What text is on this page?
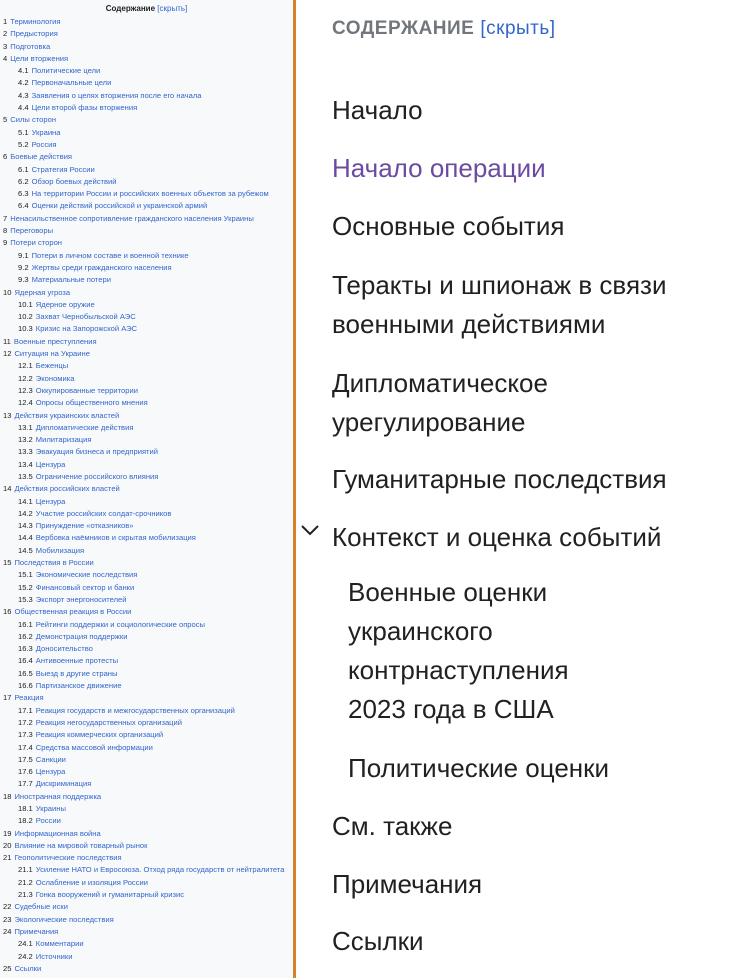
Содержание [скрыть]
1 Терминология
2 Предыстория
3 Подготовка
4 Цели вторжения
4.1 Политические цели
4.2 Первоначальные цели
4.3 Заявления о целях вторжения после его начала
4.4 Цели второй фазы вторжения
5 Силы сторон
5.1 Украина
5.2 Россия
6 Боевые действия
6.1 Стратегия России
6.2 Обзор боевых действий
6.3 На территории России и российских военных объектов за рубежом
6.4 Оценки действий российской и украинской армий
7 Ненасильственное сопротивление гражданского населения Украины
8 Переговоры
9 Потери сторон
9.1 Потери в личном составе и военной технике
9.2 Жертвы среди гражданского населения
9.3 Материальные потери
10 Ядерная угроза
10.1 Ядерное оружие
10.2 Захват Чернобыльской АЭС
10.3 Кризис на Запорожской АЭС
11 Военные преступления
12 Ситуация на Украине
12.1 Беженцы
12.2 Экономика
12.3 Оккупированные территории
12.4 Опросы общественного мнения
13 Действия украинских властей
13.1 Дипломатические действия
13.2 Милитаризация
13.3 Эвакуация бизнеса и предприятий
13.4 Цензура
13.5 Ограничение российского влияния
14 Действия российских властей
14.1 Цензура
14.2 Участие российских солдат-срочников
14.3 Принуждение «отказников»
14.4 Вербовка наёмников и скрытая мобилизация
14.5 Мобилизация
15 Последствия в России
15.1 Экономические последствия
15.2 Финансовый сектор и банки
15.3 Экспорт энергоносителей
16 Общественная реакция в России
16.1 Рейтинги поддержки и социологические опросы
16.2 Демонстрация поддержки
16.3 Доносительство
16.4 Антивоенные протесты
16.5 Выезд в другие страны
16.6 Партизанское движение
17 Реакция
17.1 Реакция государств и межгосударственных организаций
17.2 Реакция негосударственных организаций
17.3 Реакция коммерческих организаций
17.4 Средства массовой информации
17.5 Санкции
17.6 Цензура
17.7 Дискриминация
18 Иностранная поддержка
18.1 Украины
18.2 России
19 Информационная война
20 Влияние на мировой товарный рынок
21 Геополитические последствия
21.1 Усиление НАТО и Евросоюза. Отход ряда государств от нейтралитета
21.2 Ослабление и изоляция России
21.3 Гонка вооружений и гуманитарный кризис
22 Судебные иски
23 Экологические последствия
24 Примечания
24.1 Комментарии
24.2 Источники
25 Ссылки
СОДЕРЖАНИЕ [скрыть]
Начало
Начало операции
Основные события
Теракты и шпионаж в связи
военными действиями
Дипломатическое
урегулирование
Гуманитарные последствия
Контекст и оценка событий
Военные оценки
украинского
контрнаступления
2023 года в США
Политические оценки
См. также
Примечания
Ссылки
